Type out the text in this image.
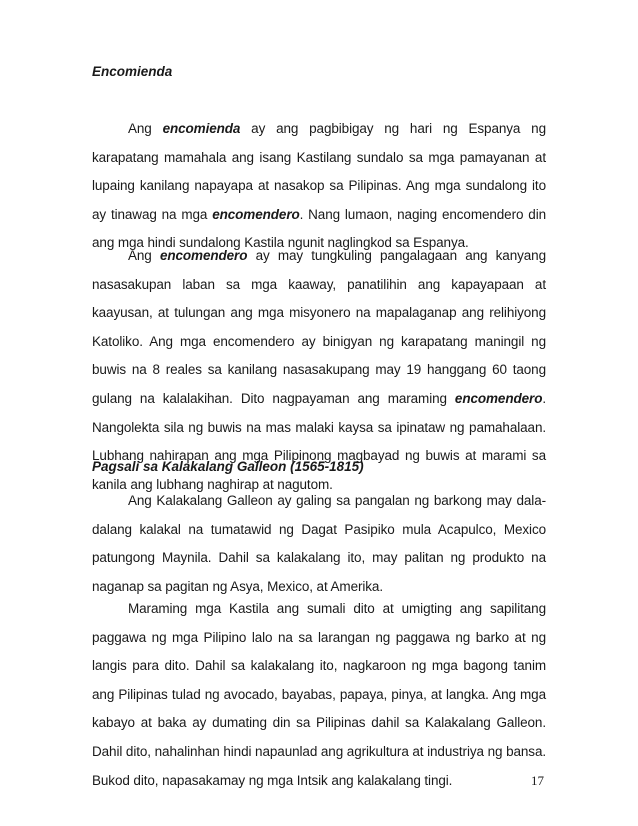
Encomienda

Ang encomienda ay ang pagbibigay ng hari ng Espanya ng karapatang mamahala ang isang Kastilang sundalo sa mga pamayanan at lupaing kanilang napayapa at nasakop sa Pilipinas. Ang mga sundalong ito ay tinawag na mga encomendero. Nang lumaon, naging encomendero din ang mga hindi sundalong Kastila ngunit naglingkod sa Espanya.

Ang encomendero ay may tungkuling pangalagaan ang kanyang nasasakupan laban sa mga kaaway, panatilihin ang kapayapaan at kaayusan, at tulungan ang mga misyonero na mapalaganap ang relihiyong Katoliko. Ang mga encomendero ay binigyan ng karapatang maningil ng buwis na 8 reales sa kanilang nasasakupang may 19 hanggang 60 taong gulang na kalalakihan. Dito nagpayaman ang maraming encomendero. Nangolekta sila ng buwis na mas malaki kaysa sa ipinataw ng pamahalaan. Lubhang nahirapan ang mga Pilipinong magbayad ng buwis at marami sa kanila ang lubhang naghirap at nagutom.

Pagsali sa Kalakalang Galleon (1565-1815)

Ang Kalakalang Galleon ay galing sa pangalan ng barkong may dala-dalang kalakal na tumatawid ng Dagat Pasipiko mula Acapulco, Mexico patungong Maynila. Dahil sa kalakalang ito, may palitan ng produkto na naganap sa pagitan ng Asya, Mexico, at Amerika.

Maraming mga Kastila ang sumali dito at umigting ang sapilitang paggawa ng mga Pilipino lalo na sa larangan ng paggawa ng barko at ng langis para dito. Dahil sa kalakalang ito, nagkaroon ng mga bagong tanim ang Pilipinas tulad ng avocado, bayabas, papaya, pinya, at langka. Ang mga kabayo at baka ay dumating din sa Pilipinas dahil sa Kalakalang Galleon. Dahil dito, nahalinhan hindi napaunlad ang agrikultura at industriya ng bansa. Bukod dito, napasakamay ng mga Intsik ang kalakalang tingi.	17
